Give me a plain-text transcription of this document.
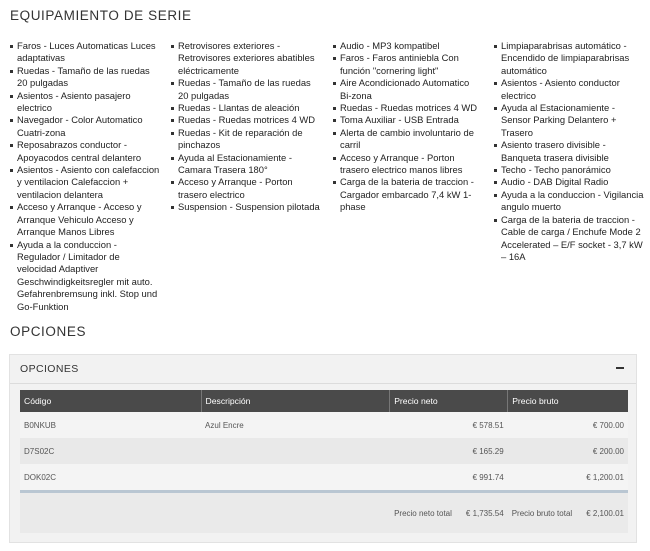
EQUIPAMIENTO DE SERIE
Faros - Luces Automaticas Luces adaptativas
Ruedas - Tamaño de las ruedas 20 pulgadas
Asientos - Asiento pasajero electrico
Navegador - Color Automatico Cuatri-zona
Reposabrazos conductor - Apoyacodos central delantero
Asientos - Asiento con calefaccion y ventilacion Calefaccion + ventilacion delantera
Acceso y Arranque - Acceso y Arranque Vehiculo Acceso y Arranque Manos Libres
Ayuda a la conduccion - Regulador / Limitador de velocidad Adaptiver Geschwindigkeitsregler mit auto. Gefahrenbremsung inkl. Stop und Go-Funktion
Retrovisores exteriores - Retrovisores exteriores abatibles eléctricamente
Ruedas - Tamaño de las ruedas 20 pulgadas
Ruedas - Llantas de aleación
Ruedas - Ruedas motrices 4 WD
Ruedas - Kit de reparación de pinchazos
Ayuda al Estacionamiente - Camara Trasera 180°
Acceso y Arranque - Porton trasero electrico
Suspension - Suspension pilotada
Audio - MP3 kompatibel
Faros - Faros antiniebla Con función "cornering light"
Aire Acondicionado Automatico Bi-zona
Ruedas - Ruedas motrices 4 WD
Toma Auxiliar - USB Entrada
Alerta de cambio involuntario de carril
Acceso y Arranque - Porton trasero electrico manos libres
Carga de la bateria de traccion - Cargador embarcado 7,4 kW 1-phase
Limpiaparabrisas automático - Encendido de limpiaparabrisas automático
Asientos - Asiento conductor electrico
Ayuda al Estacionamiente - Sensor Parking Delantero + Trasero
Asiento trasero divisible - Banqueta trasera divisible
Techo - Techo panorámico
Audio - DAB Digital Radio
Ayuda a la conduccion - Vigilancia angulo muerto
Carga de la bateria de traccion - Cable de carga / Enchufe Mode 2 Accelerated – E/F socket - 3,7 kW – 16A
OPCIONES
OPCIONES
Código	Descripción	Precio neto	Precio bruto
B0NKUB	Azul Encre	€ 578.51	€ 700.00
D7S02C		€ 165.29	€ 200.00
DOK02C		€ 991.74	€ 1,200.01
		Precio neto total € 1,735.54	Precio bruto total € 2,100.01
